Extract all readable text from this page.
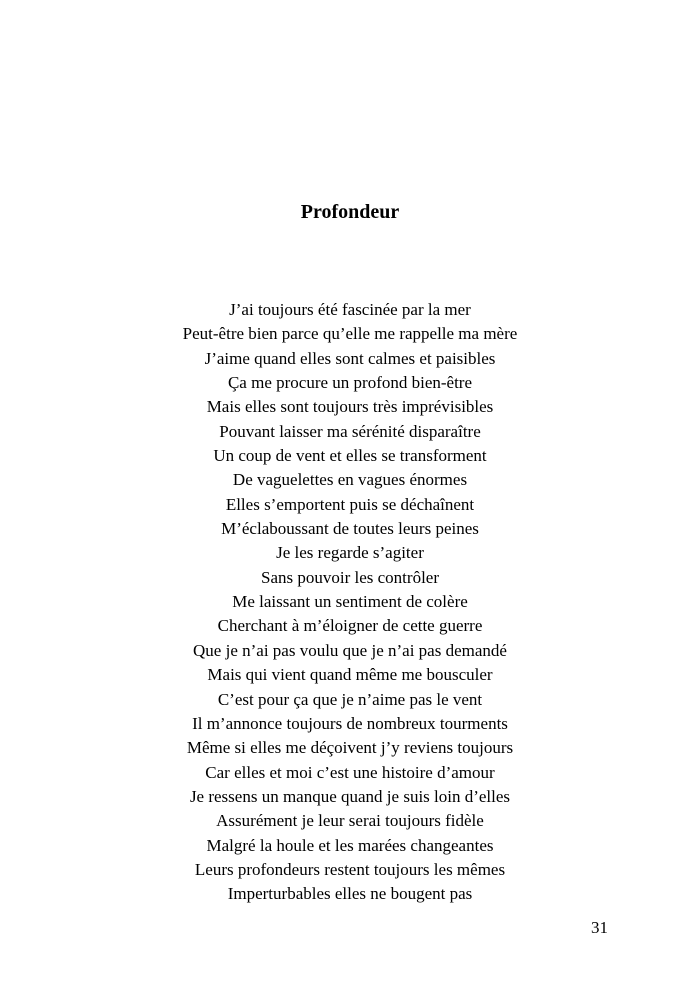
Profondeur
J’ai toujours été fascinée par la mer
Peut-être bien parce qu’elle me rappelle ma mère
J’aime quand elles sont calmes et paisibles
Ça me procure un profond bien-être
Mais elles sont toujours très imprévisibles
Pouvant laisser ma sérénité disparaître
Un coup de vent et elles se transforment
De vaguelettes en vagues énormes
Elles s’emportent puis se déchaînent
M’éclaboussant de toutes leurs peines
Je les regarde s’agiter
Sans pouvoir les contrôler
Me laissant un sentiment de colère
Cherchant à m’éloigner de cette guerre
Que je n’ai pas voulu que je n’ai pas demandé
Mais qui vient quand même me bousculer
C’est pour ça que je n’aime pas le vent
Il m’annonce toujours de nombreux tourments
Même si elles me déçoivent j’y reviens toujours
Car elles et moi c’est une histoire d’amour
Je ressens un manque quand je suis loin d’elles
Assurément je leur serai toujours fidèle
Malgré la houle et les marées changeantes
Leurs profondeurs restent toujours les mêmes
Imperturbables elles ne bougent pas
31
